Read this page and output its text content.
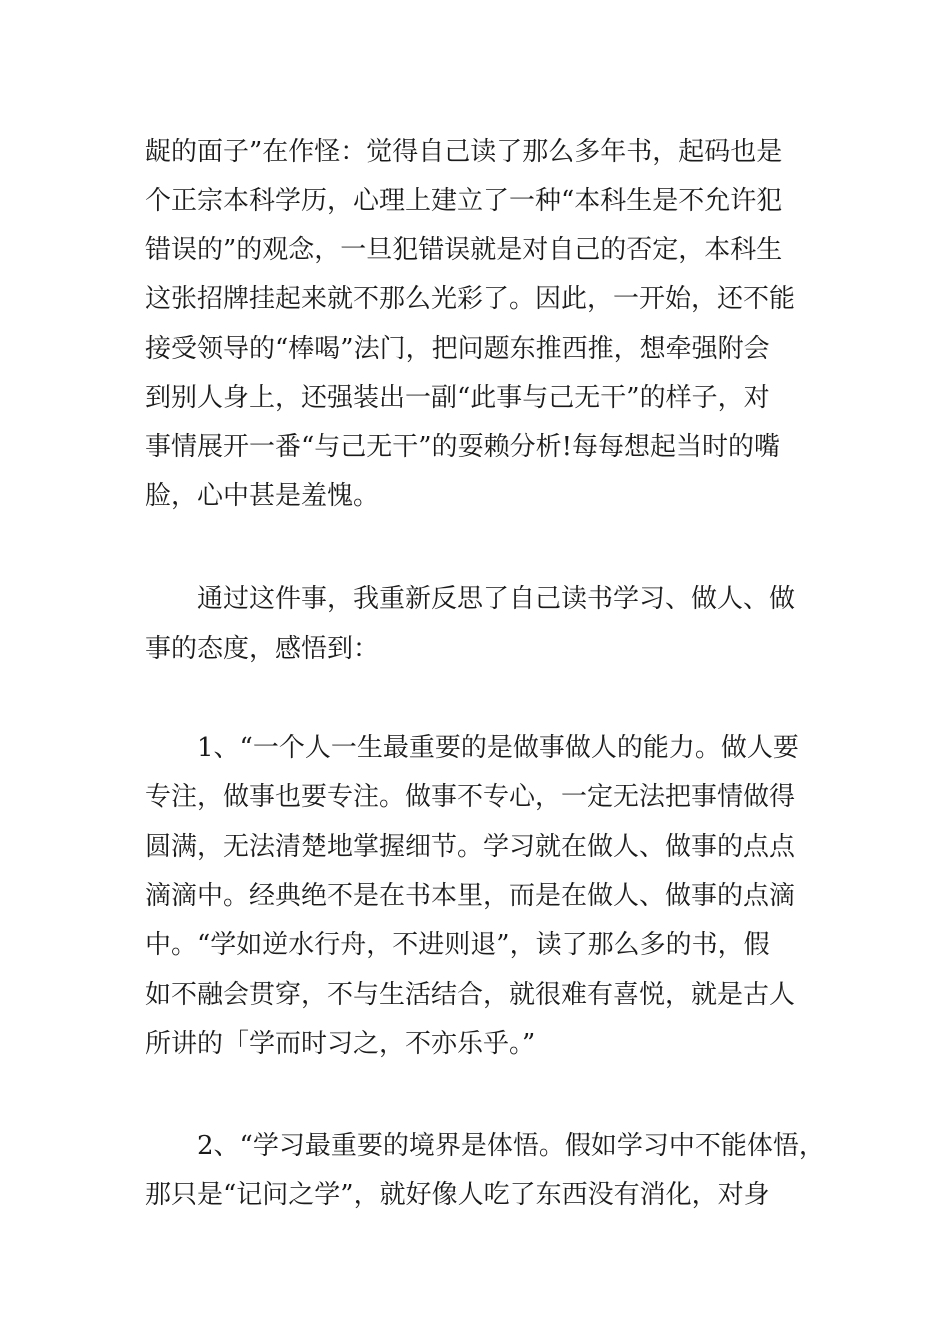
龊的面子”在作怪：觉得自己读了那么多年书，起码也是

个正宗本科学历，心理上建立了一种“本科生是不允许犯

错误的”的观念，一旦犯错误就是对自己的否定，本科生

这张招牌挂起来就不那么光彩了。因此，一开始，还不能

接受领导的“棒喝”法门，把问题东推西推，想牵强附会

到别人身上，还强装出一副“此事与己无干”的样子，对

事情展开一番“与己无干”的耍赖分析!每每想起当时的嘴

脸，心中甚是羞愧。

通过这件事，我重新反思了自己读书学习、做人、做

事的态度，感悟到：

1、“一个人一生最重要的是做事做人的能力。做人要

专注，做事也要专注。做事不专心，一定无法把事情做得

圆满，无法清楚地掌握细节。学习就在做人、做事的点点

滴滴中。经典绝不是在书本里，而是在做人、做事的点滴

中。“学如逆水行舟，不进则退”，读了那么多的书，假

如不融会贯穿，不与生活结合，就很难有喜悦，就是古人

所讲的「学而时习之，不亦乐乎。”

2、“学习最重要的境界是体悟。假如学习中不能体悟，

那只是“记问之学”，就好像人吃了东西没有消化，对身
